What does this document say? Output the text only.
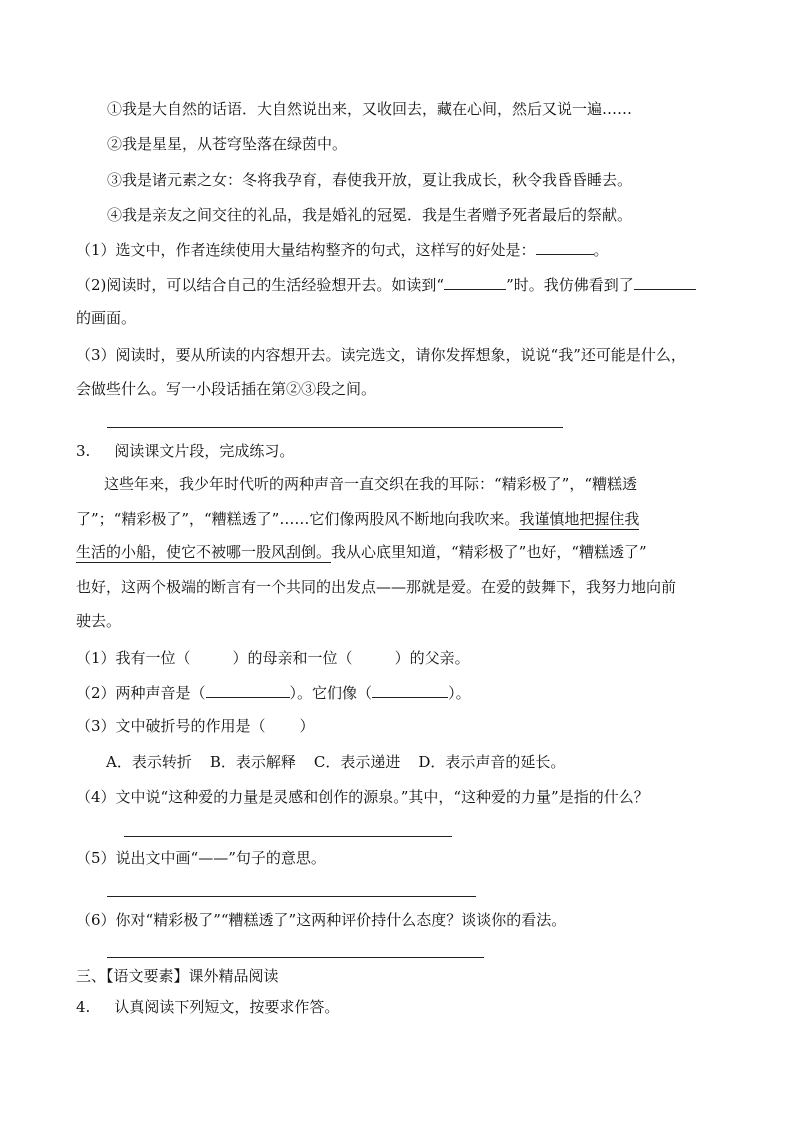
①我是大自然的话语．大自然说出来，又收回去，藏在心间，然后又说一遍……
②我是星星，从苍穹坠落在绿茵中。
③我是诸元素之女：冬将我孕育，春使我开放，夏让我成长，秋令我昏昏睡去。
④我是亲友之间交往的礼品，我是婚礼的冠冕．我是生者赠予死者最后的祭献。
（1）选文中，作者连续使用大量结构整齐的句式，这样写的好处是：	。
（2)阅读时，可以结合自己的生活经验想开去。如读到“	”时。我仿佛看到了
的画面。
（3）阅读时，要从所读的内容想开去。读完选文，请你发挥想象，说说“我”还可能是什么，
会做些什么。写一小段话插在第②③段之间。
3. 阅读课文片段，完成练习。
这些年来，我少年时代听的两种声音一直交织在我的耳际：“精彩极了”，“糟糕透
了”；“精彩极了”，“糟糕透了”……它们像两股风不断地向我吹来。我谨慎地把握住我
生活的小船，使它不被哪一股风刮倒。我从心底里知道，“精彩极了”也好，“糟糕透了”
也好，这两个极端的断言有一个共同的出发点——那就是爱。在爱的鼓舞下，我努力地向前
驶去。
（1）我有一位（	）的母亲和一位（	）的父亲。
（2）两种声音是（	）。它们像（	）。
（3）文中破折号的作用是（ ）
A．表示转折 B．表示解释 C．表示递进 D．表示声音的延长。
（4）文中说“这种爱的力量是灵感和创作的源泉。”其中，“这种爱的力量”是指的什么？
（5）说出文中画“——”句子的意思。
（6）你对“精彩极了”“糟糕透了”这两种评价持什么态度？谈谈你的看法。
三、【语文要素】课外精品阅读
4. 认真阅读下列短文，按要求作答。
